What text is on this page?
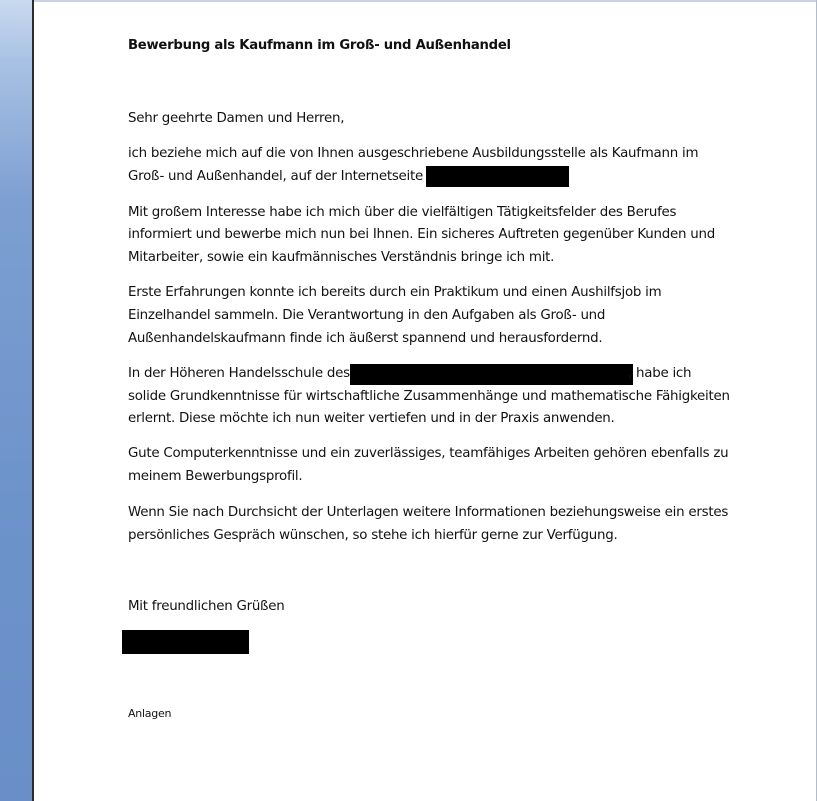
Bewerbung als Kaufmann im Groß- und Außenhandel
Sehr geehrte Damen und Herren,
ich beziehe mich auf die von Ihnen ausgeschriebene Ausbildungsstelle als Kaufmann im
Groß- und Außenhandel, auf der Internetseite
Mit großem Interesse habe ich mich über die vielfältigen Tätigkeitsfelder des Berufes
informiert und bewerbe mich nun bei Ihnen. Ein sicheres Auftreten gegenüber Kunden und
Mitarbeiter, sowie ein kaufmännisches Verständnis bringe ich mit.
Erste Erfahrungen konnte ich bereits durch ein Praktikum und einen Aushilfsjob im
Einzelhandel sammeln. Die Verantwortung in den Aufgaben als Groß- und
Außenhandelskaufmann finde ich äußerst spannend und herausfordernd.
In der Höheren Handelsschule des	, habe ich
solide Grundkenntnisse für wirtschaftliche Zusammenhänge und mathematische Fähigkeiten
erlernt. Diese möchte ich nun weiter vertiefen und in der Praxis anwenden.
Gute Computerkenntnisse und ein zuverlässiges, teamfähiges Arbeiten gehören ebenfalls zu
meinem Bewerbungsprofil.
Wenn Sie nach Durchsicht der Unterlagen weitere Informationen beziehungsweise ein erstes
persönliches Gespräch wünschen, so stehe ich hierfür gerne zur Verfügung.
Mit freundlichen Grüßen
Anlagen
